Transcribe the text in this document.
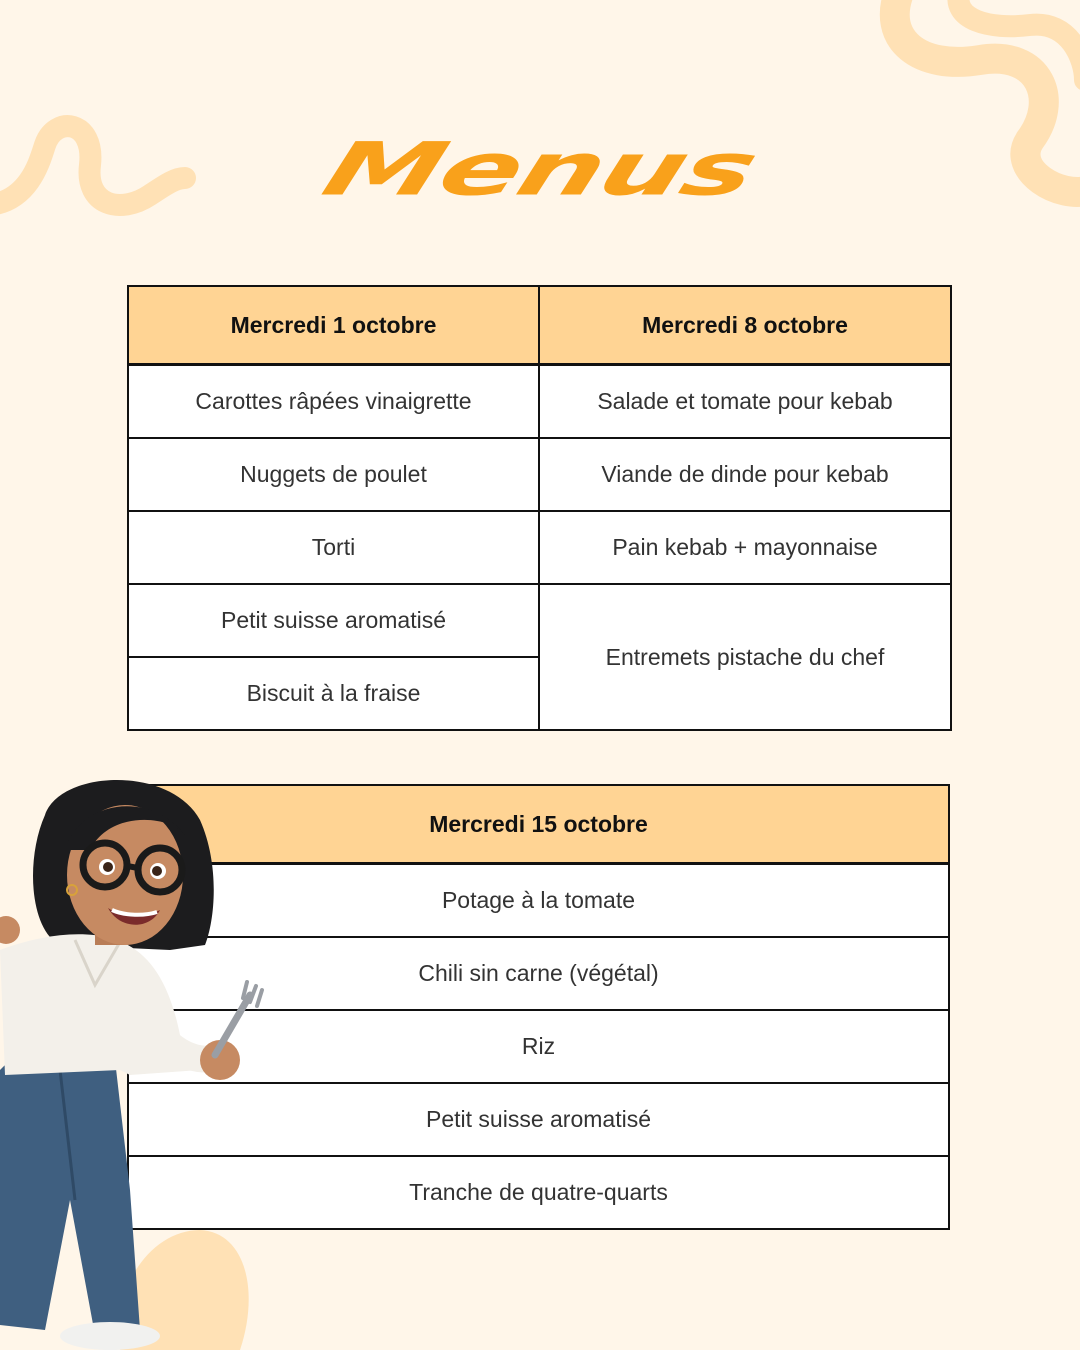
Menus
Mercredi 1 octobre	Mercredi 8 octobre
Carottes râpées vinaigrette	Salade et tomate pour kebab
Nuggets de poulet	Viande de dinde pour kebab
Torti	Pain kebab + mayonnaise
Petit suisse aromatisé	Entremets pistache du chef
Biscuit à la fraise	
Mercredi 15 octobre
Potage à la tomate
Chili sin carne (végétal)
Riz
Petit suisse aromatisé
Tranche de quatre-quarts
